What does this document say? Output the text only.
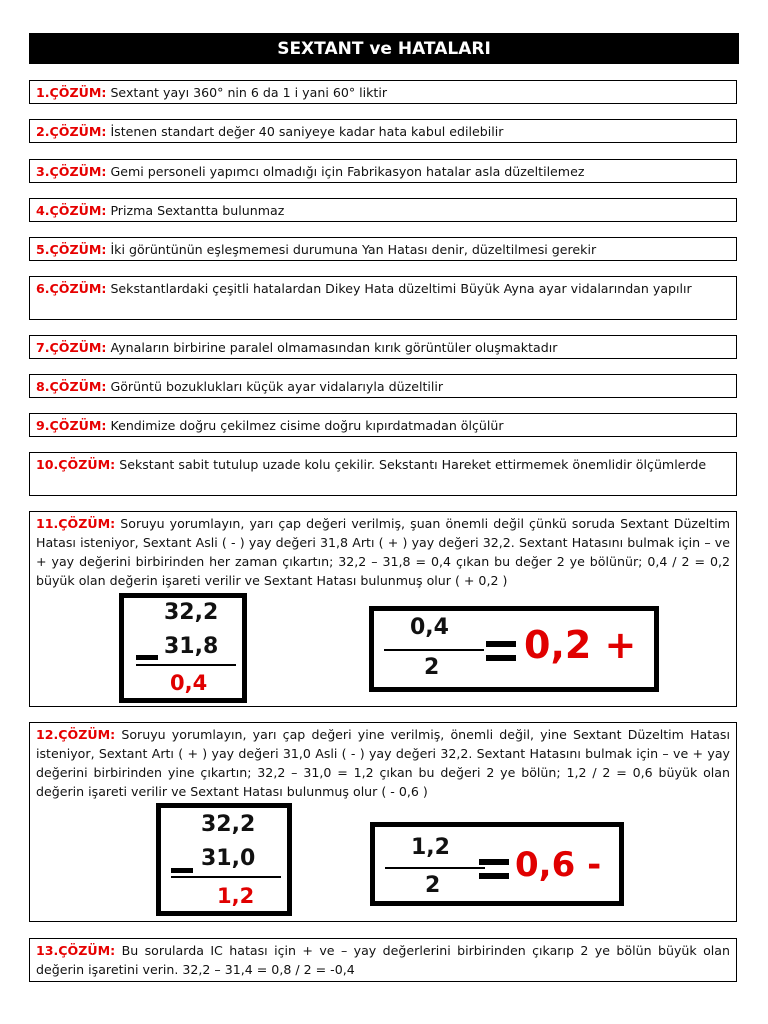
SEXTANT ve HATALARI
1.ÇÖZÜM: Sextant yayı 360° nin 6 da 1 i yani 60° liktir
2.ÇÖZÜM: İstenen standart değer 40 saniyeye kadar hata kabul edilebilir
3.ÇÖZÜM: Gemi personeli yapımcı olmadığı için Fabrikasyon hatalar asla düzeltilemez
4.ÇÖZÜM: Prizma Sextantta bulunmaz
5.ÇÖZÜM: İki görüntünün eşleşmemesi durumuna Yan Hatası denir, düzeltilmesi gerekir
6.ÇÖZÜM: Sekstantlardaki çeşitli hatalardan Dikey Hata düzeltimi Büyük Ayna ayar vidalarından yapılır
7.ÇÖZÜM: Aynaların birbirine paralel olmamasından kırık görüntüler oluşmaktadır
8.ÇÖZÜM: Görüntü bozuklukları küçük ayar vidalarıyla düzeltilir
9.ÇÖZÜM: Kendimize doğru çekilmez cisime doğru kıpırdatmadan ölçülür
10.ÇÖZÜM: Sekstant sabit tutulup uzade kolu çekilir. Sekstantı Hareket ettirmemek önemlidir ölçümlerde
11.ÇÖZÜM: Soruyu yorumlayın, yarı çap değeri verilmiş, şuan önemli değil çünkü soruda Sextant Düzeltim Hatası isteniyor, Sextant Asli ( - ) yay değeri 31,8 Artı ( + ) yay değeri 32,2. Sextant Hatasını bulmak için – ve + yay değerini birbirinden her zaman çıkartın; 32,2 – 31,8 = 0,4 çıkan bu değer 2 ye bölünür; 0,4 / 2 = 0,2 büyük olan değerin işareti verilir ve Sextant Hatası bulunmuş olur ( + 0,2 )
32,2
31,8
0,4
0,4
2
0,2 +
12.ÇÖZÜM: Soruyu yorumlayın, yarı çap değeri yine verilmiş, önemli değil, yine Sextant Düzeltim Hatası isteniyor, Sextant Artı ( + ) yay değeri 31,0 Asli ( - ) yay değeri 32,2. Sextant Hatasını bulmak için – ve + yay değerini birbirinden yine çıkartın; 32,2 – 31,0 = 1,2 çıkan bu değeri 2 ye bölün; 1,2 / 2 = 0,6 büyük olan değerin işareti verilir ve Sextant Hatası bulunmuş olur ( - 0,6 )
32,2
31,0
1,2
1,2
2
0,6 -
13.ÇÖZÜM: Bu sorularda IC hatası için + ve – yay değerlerini birbirinden çıkarıp 2 ye bölün büyük olan değerin işaretini verin. 32,2 – 31,4 = 0,8 / 2 = -0,4
